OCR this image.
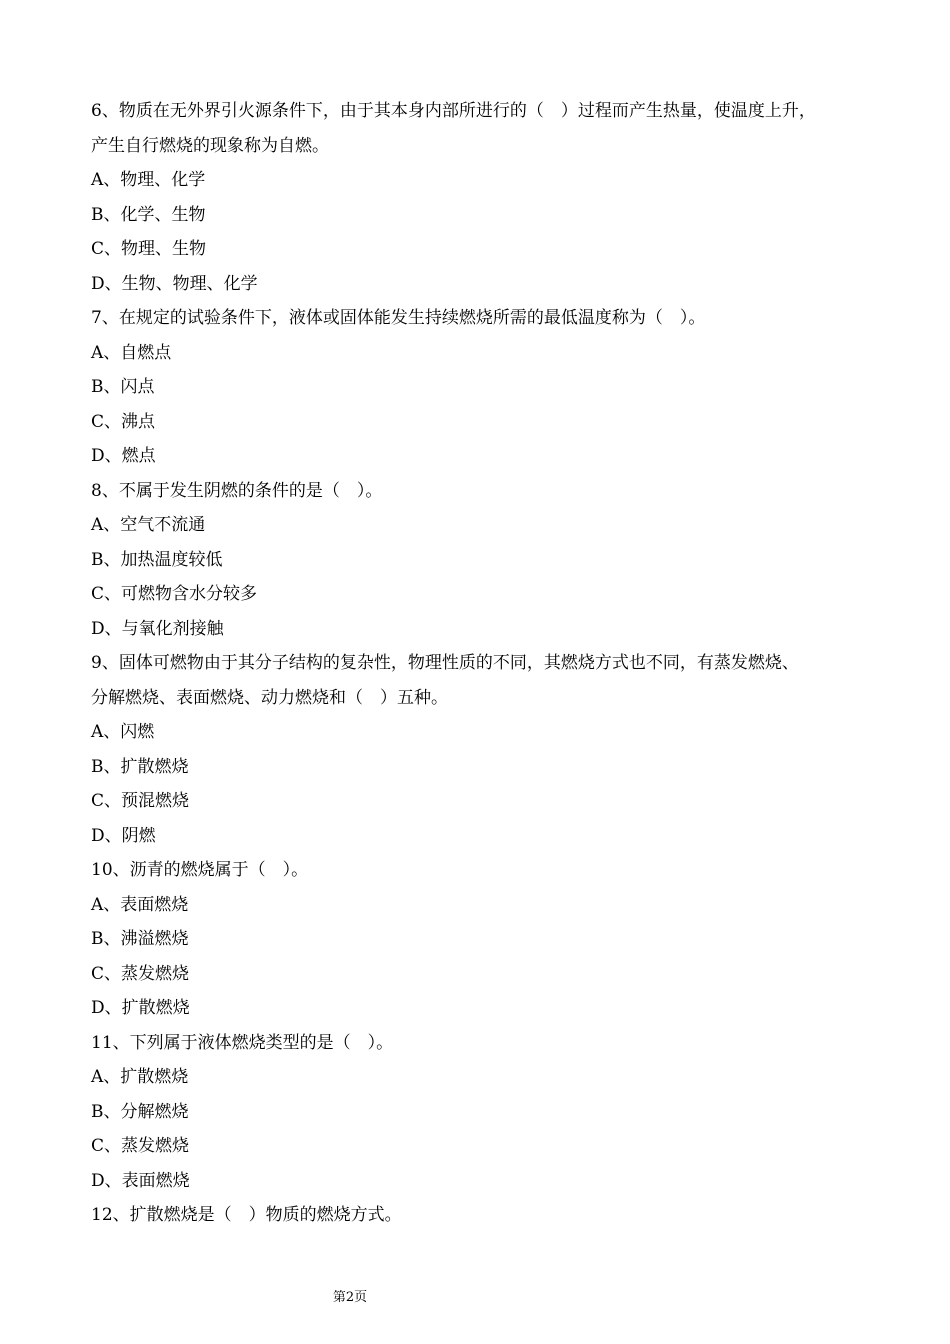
6、物质在无外界引火源条件下，由于其本身内部所进行的（　）过程而产生热量，使温度上升，
产生自行燃烧的现象称为自燃。
A、物理、化学
B、化学、生物
C、物理、生物
D、生物、物理、化学
7、在规定的试验条件下，液体或固体能发生持续燃烧所需的最低温度称为（　）。
A、自燃点
B、闪点
C、沸点
D、燃点
8、不属于发生阴燃的条件的是（　）。
A、空气不流通
B、加热温度较低
C、可燃物含水分较多
D、与氧化剂接触
9、固体可燃物由于其分子结构的复杂性，物理性质的不同，其燃烧方式也不同，有蒸发燃烧、
分解燃烧、表面燃烧、动力燃烧和（　）五种。
A、闪燃
B、扩散燃烧
C、预混燃烧
D、阴燃
10、沥青的燃烧属于（　）。
A、表面燃烧
B、沸溢燃烧
C、蒸发燃烧
D、扩散燃烧
11、下列属于液体燃烧类型的是（　）。
A、扩散燃烧
B、分解燃烧
C、蒸发燃烧
D、表面燃烧
12、扩散燃烧是（　）物质的燃烧方式。
第2页
